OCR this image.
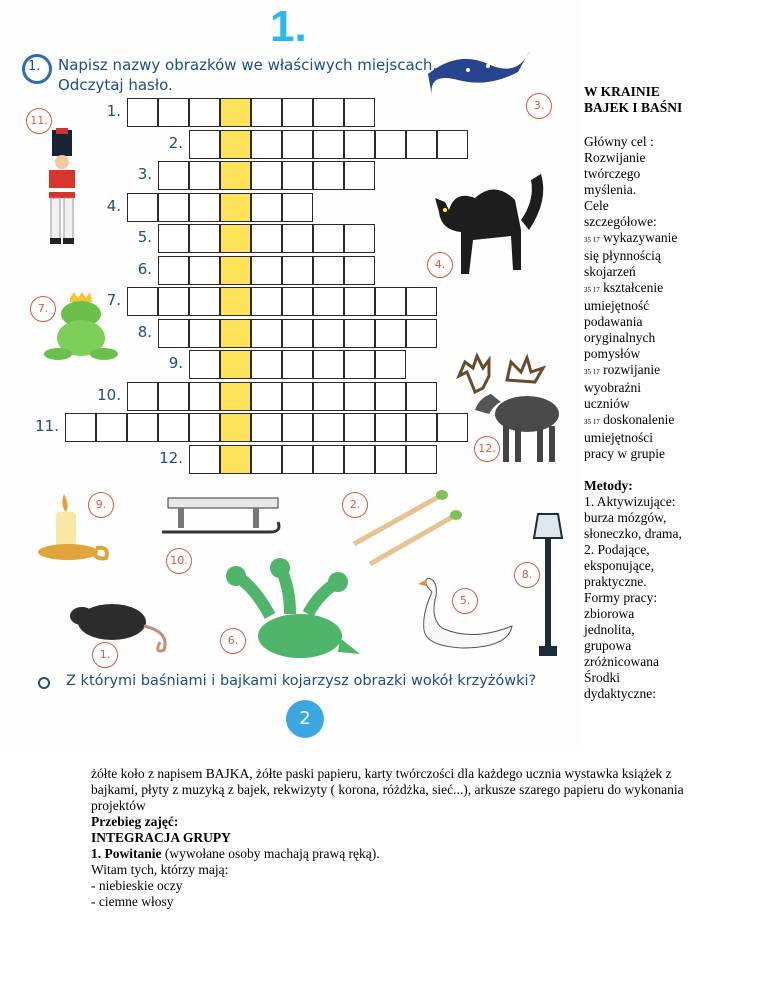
1.
1. Napisz nazwy obrazków we właściwych miejscach.
Odczytaj hasło.
1.
2.
3.
4.
5.
6.
7.
8.
9.
10.
11.
12.
11.
3.
4.
7.
12.
9.	2.
8.
6.
10.
5.
1.
Z którymi baśniami i bajkami kojarzysz obrazki wokół krzyżówki?
2
W KRAINIE BAJEK I BAŚNI

Główny cel :

Rozwijanie twórczego myślenia.

Cele szczegółowe:

35 17 wykazywanie się płynnością skojarzeń

35 17 kształcenie umiejętność podawania oryginalnych pomysłów

35 17 rozwijanie wyobraźni uczniów

35 17 doskonalenie umiejętności pracy w grupie

Metody:

1. Aktywizujące: burza mózgów, słoneczko, drama,

2. Podające, eksponujące, praktyczne.

Formy pracy:

zbiorowa jednolita, grupowa zróżnicowana

Środki dydaktyczne:

żółte koło z napisem BAJKA, żółte paski papieru, karty twórczości dla każdego ucznia wystawka książek z bajkami, płyty z muzyką z bajek, rekwizyty ( korona, różdżka, sieć...), arkusze szarego papieru do wykonania projektów

Przebieg zajęć:

INTEGRACJA GRUPY

1. Powitanie (wywołane osoby machają prawą ręką).

Witam tych, którzy mają:

- niebieskie oczy

- ciemne włosy
